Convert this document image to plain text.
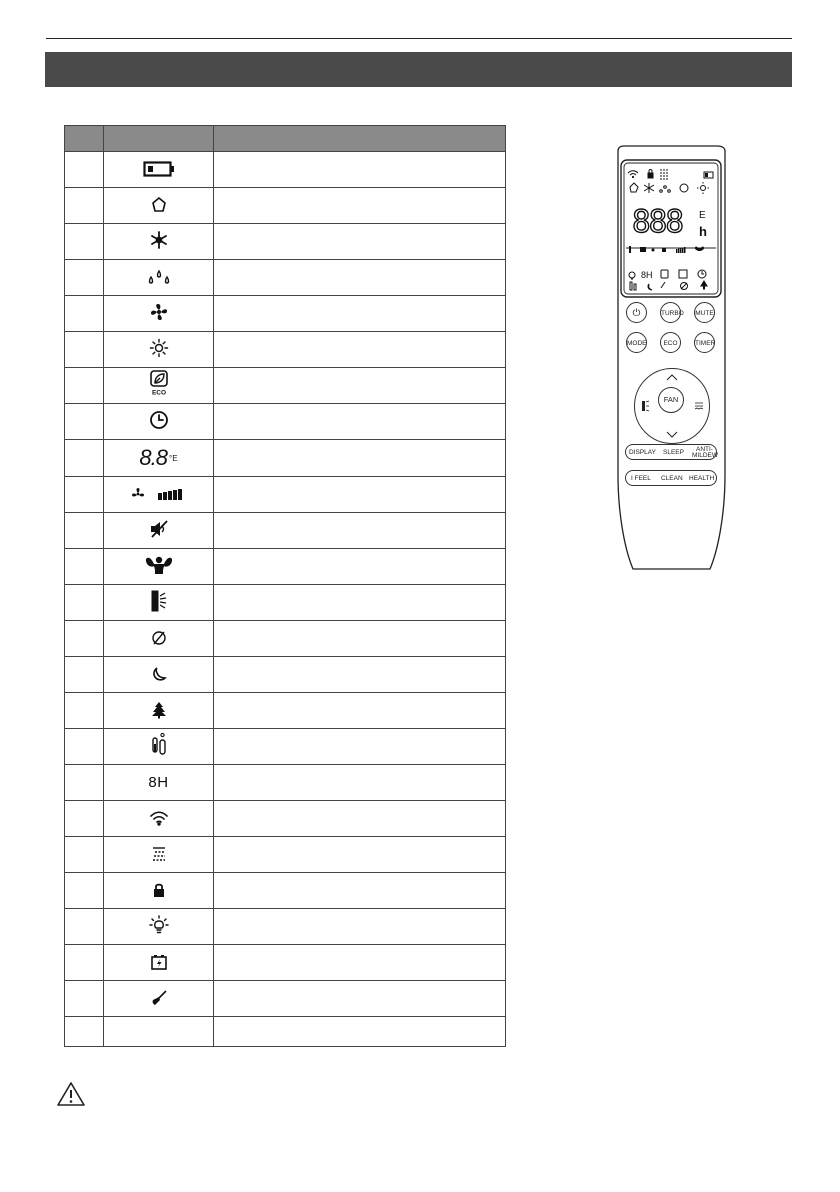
ECO	

	8.8 °E	

	8H	

888 E
h
8H
⏻	TURBO MUTE
MODE	ECO	TIMER
FAN
DISPLAY SLEEP ANTI-
MILDEW
I FEEL CLEAN HEALTH
